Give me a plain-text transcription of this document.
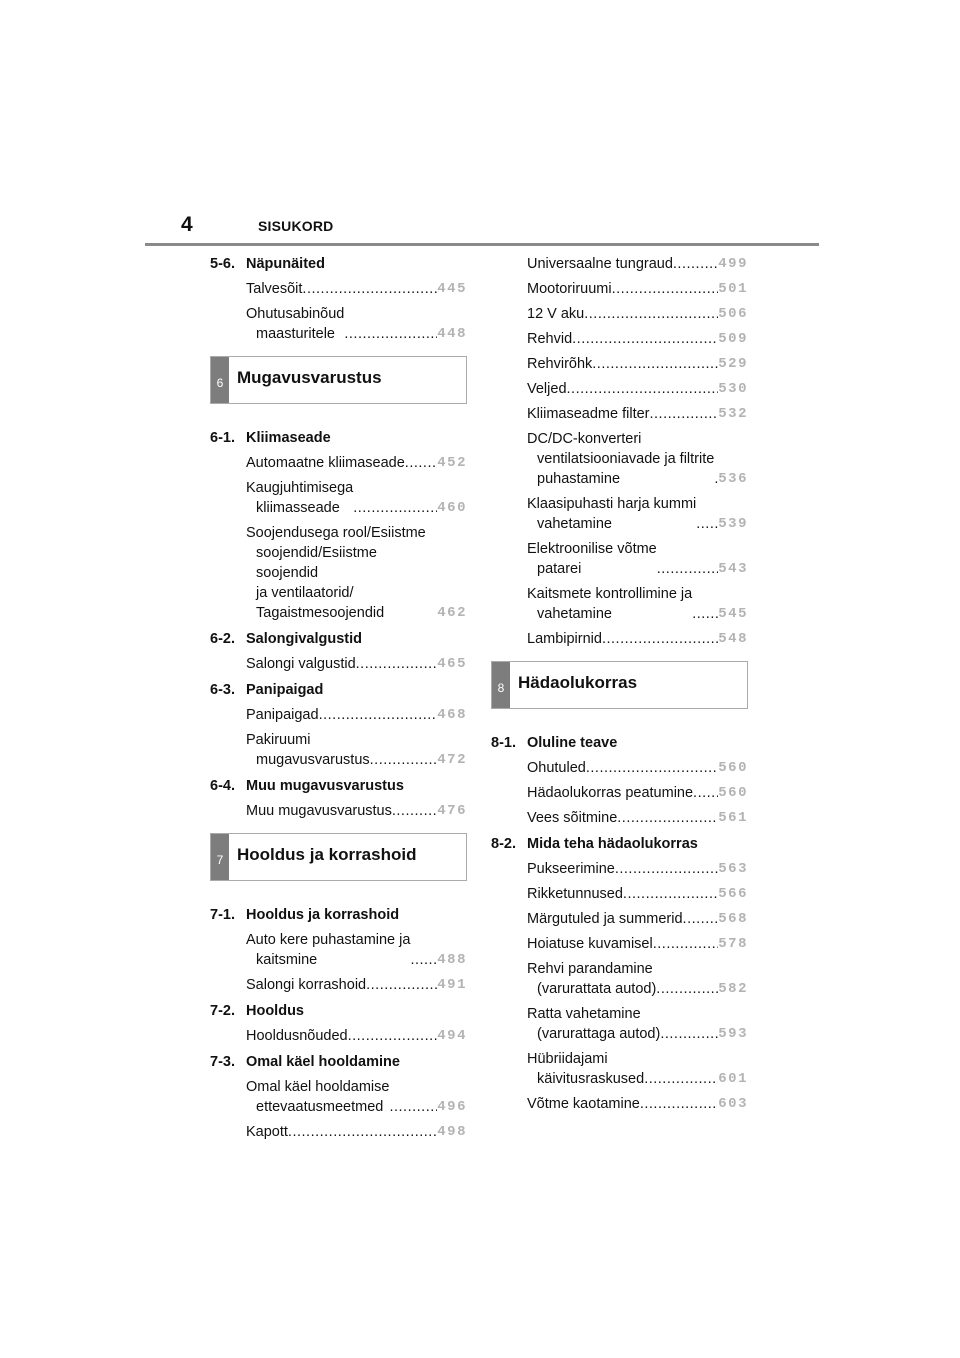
4	SISUKORD
5-6. Näpunäited
Talvesõit .....	445
Ohutusabinõud
maasturitele .....	448
6 Mugavusvarustus
6-1. Kliimaseade
Automaatne kliimaseade ..... 452
Kaugjuhtimisega
kliimasseade .....	460
Soojendusega rool/Esiistme
soojendid/Esiistme soojendid
ja ventilaatorid/
Tagaistmesoojendid	462
6-2. Salongivalgustid
Salongi valgustid .....	465
6-3. Panipaigad
Panipaigad .....	468
Pakiruumi
mugavusvarustus .....	472
6-4. Muu mugavusvarustus
Muu mugavusvarustus .....	476
7 Hooldus ja korrashoid
7-1. Hooldus ja korrashoid
Auto kere puhastamine ja
kaitsmine .....	488
Salongi korrashoid .....	491
7-2. Hooldus
Hooldusnõuded .....	494
7-3. Omal käel hooldamine
Omal käel hooldamise
ettevaatusmeetmed .....	496
Kapott .....	498
Universaalne tungraud .....	499
Mootoriruumi .....	501
12 V aku .....	506
Rehvid .....	509
Rehvirõhk .....	529
Veljed .....	530
Kliimaseadme filter .....	532
DC/DC-konverteri
ventilatsiooniavade ja filtrite
puhastamine .....	536
Klaasipuhasti harja kummi
vahetamine .....	539
Elektroonilise võtme
patarei .....	543
Kaitsmete kontrollimine ja
vahetamine .....	545
Lambipirnid .....	548
8 Hädaolukorras
8-1. Oluline teave
Ohutuled .....	560
Hädaolukorras peatumine ..... 560
Vees sõitmine .....	561
8-2. Mida teha hädaolukorras
Pukseerimine .....	563
Rikketunnused .....	566
Märgutuled ja summerid .....	568
Hoiatuse kuvamisel .....	578
Rehvi parandamine
(varurattata autod) .....	582
Ratta vahetamine
(varurattaga autod) .....	593
Hübriidajami
käivitusraskused .....	601
Võtme kaotamine .....	603
